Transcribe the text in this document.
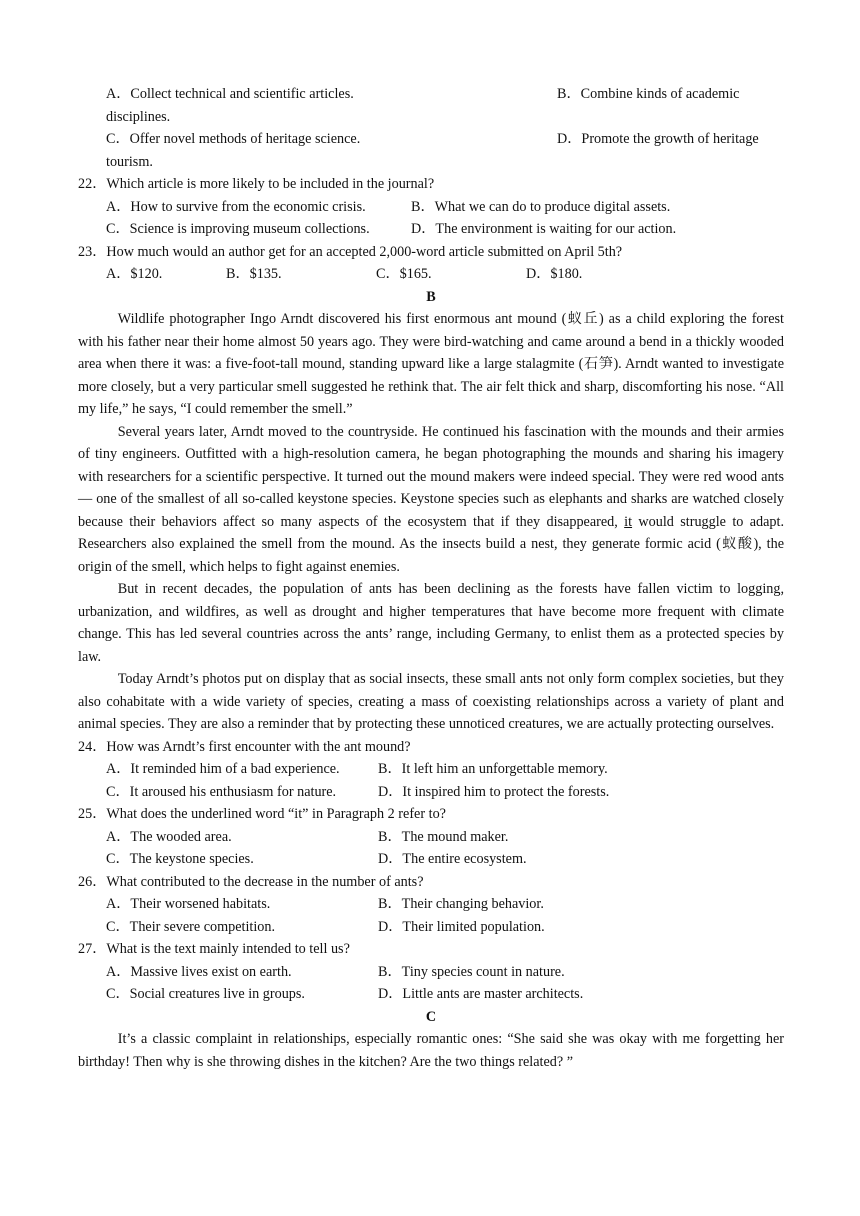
A．Collect technical and scientific articles.	B．Combine kinds of academic
disciplines.
C．Offer novel methods of heritage science.	D．Promote the growth of heritage
tourism.
22．Which article is more likely to be included in the journal?
A．How to survive from the economic crisis.	B．What we can do to produce digital assets.
C．Science is improving museum collections.	D．The environment is waiting for our action.
23．How much would an author get for an accepted 2,000-word article submitted on April 5th?
A．$120.	B．$135.	C．$165.	D．$180.
B

Wildlife photographer Ingo Arndt discovered his first enormous ant mound (蚁丘) as a child exploring the forest with his father near their home almost 50 years ago. They were bird-watching and came around a bend in a thickly wooded area when there it was: a five-foot-tall mound, standing upward like a large stalagmite (石笋). Arndt wanted to investigate more closely, but a very particular smell suggested he rethink that. The air felt thick and sharp, discomforting his nose. “All my life,” he says, “I could remember the smell.”

Several years later, Arndt moved to the countryside. He continued his fascination with the mounds and their armies of tiny engineers. Outfitted with a high-resolution camera, he began photographing the mounds and sharing his imagery with researchers for a scientific perspective. It turned out the mound makers were indeed special. They were red wood ants — one of the smallest of all so-called keystone species. Keystone species such as elephants and sharks are watched closely because their behaviors affect so many aspects of the ecosystem that if they disappeared, it would struggle to adapt. Researchers also explained the smell from the mound. As the insects build a nest, they generate formic acid (蚁酸), the origin of the smell, which helps to fight against enemies.

But in recent decades, the population of ants has been declining as the forests have fallen victim to logging, urbanization, and wildfires, as well as drought and higher temperatures that have become more frequent with climate change. This has led several countries across the ants’ range, including Germany, to enlist them as a protected species by law.

Today Arndt’s photos put on display that as social insects, these small ants not only form complex societies, but they also cohabitate with a wide variety of species, creating a mass of coexisting relationships across a variety of plant and animal species. They are also a reminder that by protecting these unnoticed creatures, we are actually protecting ourselves.

24．How was Arndt’s first encounter with the ant mound?
A．It reminded him of a bad experience.	B．It left him an unforgettable memory.
C．It aroused his enthusiasm for nature.	D．It inspired him to protect the forests.
25．What does the underlined word “it” in Paragraph 2 refer to?
A．The wooded area.	B．The mound maker.
C．The keystone species.	D．The entire ecosystem.
26．What contributed to the decrease in the number of ants?
A．Their worsened habitats.	B．Their changing behavior.
C．Their severe competition.	D．Their limited population.
27．What is the text mainly intended to tell us?
A．Massive lives exist on earth.	B．Tiny species count in nature.
C．Social creatures live in groups.	D．Little ants are master architects.
C

It’s a classic complaint in relationships, especially romantic ones: “She said she was okay with me forgetting her birthday! Then why is she throwing dishes in the kitchen? Are the two things related? ”
